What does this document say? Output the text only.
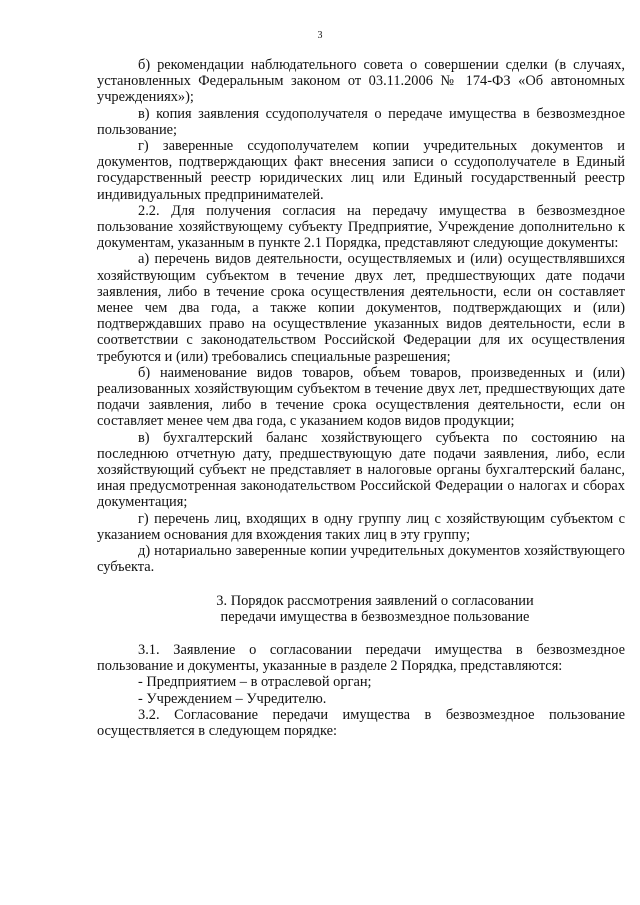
3

б) рекомендации наблюдательного совета о совершении сделки (в случаях, установленных Федеральным законом от 03.11.2006 № 174-ФЗ «Об автономных учреждениях»);

в) копия заявления ссудополучателя о передаче имущества в безвозмездное пользование;

г) заверенные ссудополучателем копии учредительных документов и документов, подтверждающих факт внесения записи о ссудополучателе в Единый государственный реестр юридических лиц или Единый государственный реестр индивидуальных предпринимателей.

2.2. Для получения согласия на передачу имущества в безвозмездное пользование хозяйствующему субъекту Предприятие, Учреждение дополнительно к документам, указанным в пункте 2.1 Порядка, представляют следующие документы:

а) перечень видов деятельности, осуществляемых и (или) осуществлявшихся хозяйствующим субъектом в течение двух лет, предшествующих дате подачи заявления, либо в течение срока осуществления деятельности, если он составляет менее чем два года, а также копии документов, подтверждающих и (или) подтверждавших право на осуществление указанных видов деятельности, если в соответствии с законодательством Российской Федерации для их осуществления требуются и (или) требовались специальные разрешения;

б) наименование видов товаров, объем товаров, произведенных и (или) реализованных хозяйствующим субъектом в течение двух лет, предшествующих дате подачи заявления, либо в течение срока осуществления деятельности, если он составляет менее чем два года, с указанием кодов видов продукции;

в) бухгалтерский баланс хозяйствующего субъекта по состоянию на последнюю отчетную дату, предшествующую дате подачи заявления, либо, если хозяйствующий субъект не представляет в налоговые органы бухгалтерский баланс, иная предусмотренная законодательством Российской Федерации о налогах и сборах документация;

г) перечень лиц, входящих в одну группу лиц с хозяйствующим субъектом с указанием основания для вхождения таких лиц в эту группу;

д) нотариально заверенные копии учредительных документов хозяйствующего субъекта.

3. Порядок рассмотрения заявлений о согласовании

передачи имущества в безвозмездное пользование

3.1. Заявление о согласовании передачи имущества в безвозмездное пользование и документы, указанные в разделе 2 Порядка, представляются:

- Предприятием – в отраслевой орган;

- Учреждением – Учредителю.

3.2. Согласование передачи имущества в безвозмездное пользование осуществляется в следующем порядке:
